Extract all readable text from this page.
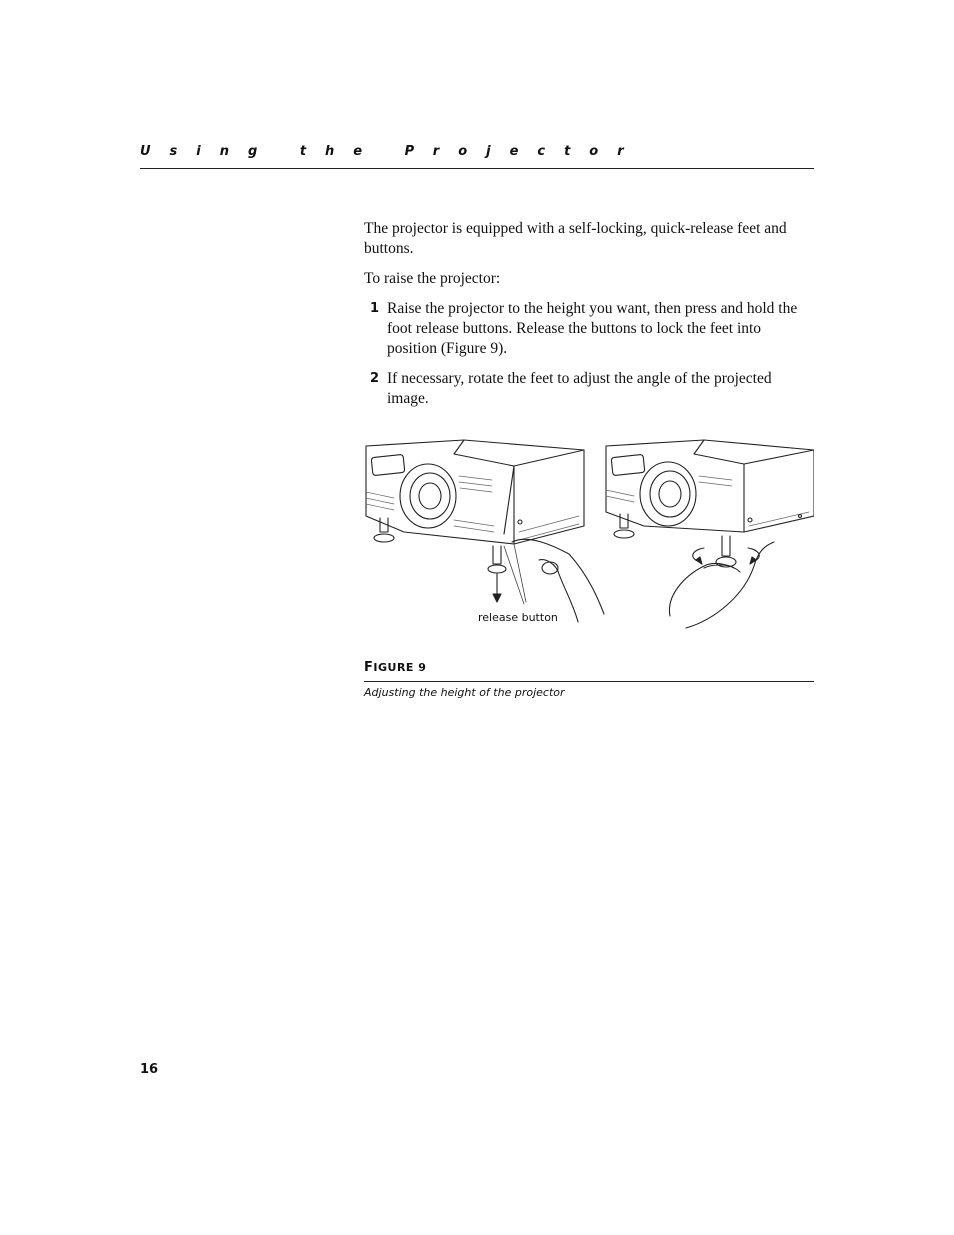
Using the Projector

The projector is equipped with a self-locking, quick-release feet and buttons.

To raise the projector:

1 Raise the projector to the height you want, then press and hold the foot release buttons. Release the buttons to lock the feet into position (Figure 9).
2 If necessary, rotate the feet to adjust the angle of the projected image.
release button
FIGURE 9
Adjusting the height of the projector
16
